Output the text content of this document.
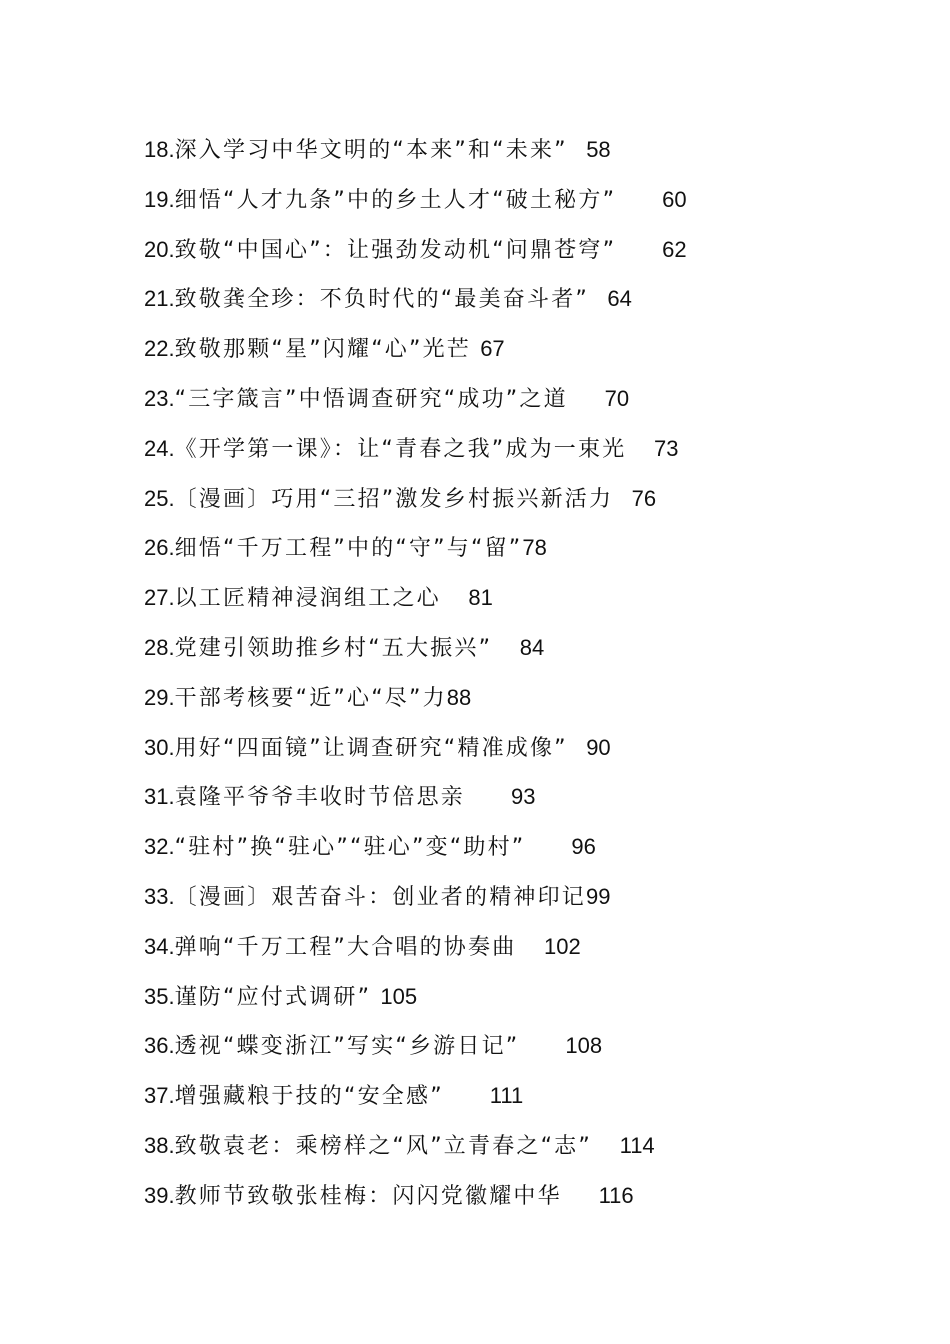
18.深入学习中华文明的“本来”和“未来” 58
19.细悟“人才九条”中的乡土人才“破土秘方” 60
20.致敬“中国心”：让强劲发动机“问鼎苍穹” 62
21.致敬龚全珍：不负时代的“最美奋斗者” 64
22.致敬那颗“星”闪耀“心”光芒 67
23.“三字箴言”中悟调查研究“成功”之道 70
24.《开学第一课》：让“青春之我”成为一束光 73
25.〔漫画〕巧用“三招”激发乡村振兴新活力 76
26.细悟“千万工程”中的“守”与“留”78
27.以工匠精神浸润组工之心 81
28.党建引领助推乡村“五大振兴” 84
29.干部考核要“近”心“尽”力88
30.用好“四面镜”让调查研究“精准成像” 90
31.袁隆平爷爷丰收时节倍思亲 93
32.“驻村”换“驻心”“驻心”变“助村” 96
33.〔漫画〕艰苦奋斗：创业者的精神印记99
34.弹响“千万工程”大合唱的协奏曲 102
35.谨防“应付式调研” 105
36.透视“蝶变浙江”写实“乡游日记” 108
37.增强藏粮于技的“安全感” 111
38.致敬袁老：乘榜样之“风”立青春之“志” 114
39.教师节致敬张桂梅：闪闪党徽耀中华 116
